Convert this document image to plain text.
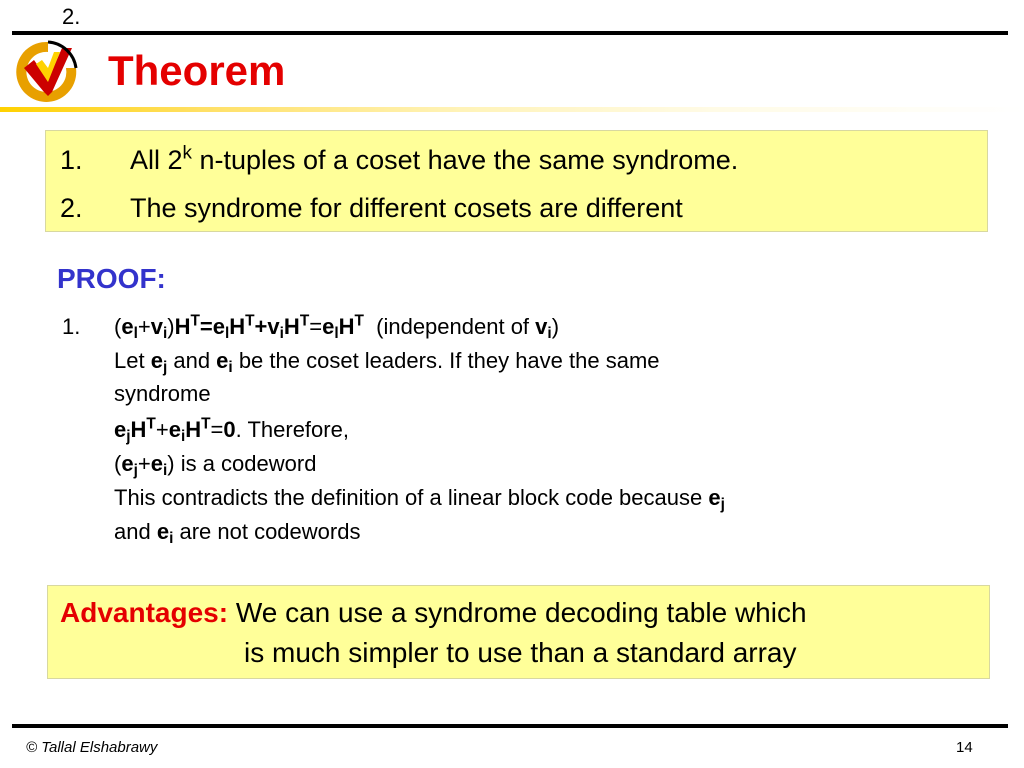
Theorem
1.	All 2$^k$ n-tuples of a coset have the same syndrome.
2.	The syndrome for different cosets are different
PROOF:
1. $(e_l+v_i)H^T=e_lH^T+v_iH^T=e_lH^T$ (independent of $v_i$)
2.
Let $e_j$ and $e_i$ be the coset leaders. If they have the same
syndrome
$e_jH^T+e_iH^T=0$. Therefore,
$(e_j+e_i)$ is a codeword
This contradicts the definition of a linear block code because $e_j$
and $e_i$ are not codewords
Advantages: We can use a syndrome decoding table which
is much simpler to use than a standard array
© Tallal Elshabrawy	14
